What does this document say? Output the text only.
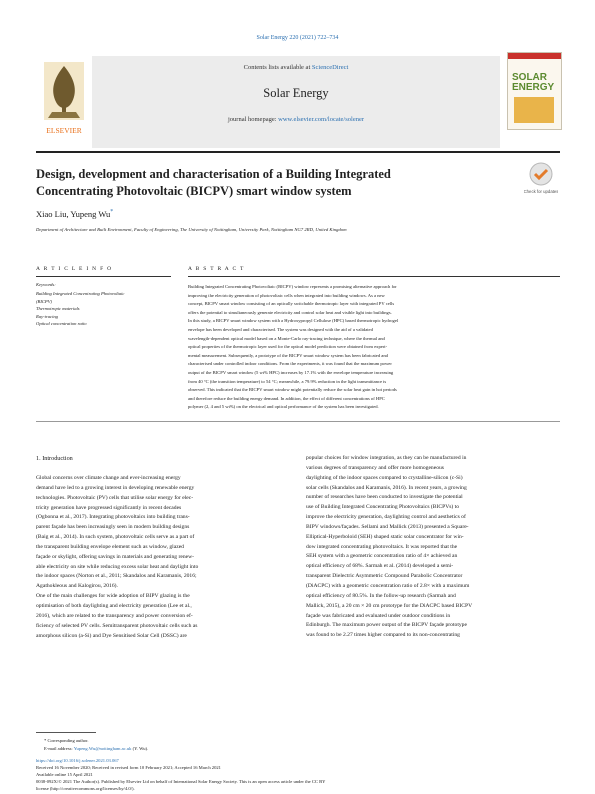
Solar Energy 220 (2021) 722–734
ELSEVIER
Contents lists available at ScienceDirect
Solar Energy
journal homepage: www.elsevier.com/locate/solener
SOLAR
ENERGY
Design, development and characterisation of a Building Integrated
Concentrating Photovoltaic (BICPV) smart window system	Check for updates
Xiao Liu, Yupeng Wu*
Department of Architecture and Built Environment, Faculty of Engineering, The University of Nottingham, University Park, Nottingham NG7 2RD, United Kingdom
A R T I C L E I N F O	A B S T R A C T
Keywords:
Building Integrated Concentrating Photovoltaic
(BICPV)
Thermotropic materials
Ray-tracing
Optical concentration ratio
Building Integrated Concentrating Photovoltaic (BICPV) window represents a promising alternative approach for
improving the electricity generation of photovoltaic cells when integrated into building windows. As a new
concept, BICPV smart window consisting of an optically switchable thermotropic layer with integrated PV cells
offers the potential to simultaneously generate electricity and control solar heat and visible light into buildings.
In this study, a BICPV smart window system with a Hydroxypropyl Cellulose (HPC) based thermotropic hydrogel
envelope has been developed and characterised. The system was designed with the aid of a validated
wavelength-dependent optical model based on a Monte-Carlo ray-tracing technique, where the thermal and
optical properties of the thermotropic layer used for the optical model prediction were obtained from experi-
mental measurement. Subsequently, a prototype of the BICPV smart window system has been fabricated and
characterised under controlled indoor conditions. From the experiments, it was found that the maximum power
output of the BICPV smart window (5 wt% HPC) increases by 17.1% with the envelope temperature increasing
from 40 °C (the transition temperature) to 54 °C; meanwhile, a 79.9% reduction in the light transmittance is
observed. This indicated that the BICPV smart window might potentially reduce the solar heat gain in hot periods
and therefore reduce the building energy demand. In addition, the effect of different concentrations of HPC
polymer (2, 4 and 5 wt%) on the electrical and optical performance of the system has been investigated.
1. Introduction
Global concerns over climate change and ever-increasing energy
demand have led to a growing interest in developing renewable energy
technologies. Photovoltaic (PV) cells that utilise solar energy for elec-
tricity generation have progressed significantly in recent decades
(Ogbonna et al., 2017). Integrating photovoltaics into building trans-
parent façade has been increasingly seen in modern building designs
(Baig et al., 2014). In such system, photovoltaic cells serve as a part of
the transparent building envelope element such as window, glazed
façade or skylight, offering savings in materials and generating renew-
able electricity on site while reducing excess solar heat and daylight into
the indoor spaces (Norton et al., 2011; Skandalos and Karamanis, 2016;
Agathokleous and Kalogirou, 2016).
One of the main challenges for wide adoption of BIPV glazing is the
optimisation of both daylighting and electricity generation (Lee et al.,
2016), which are related to the transparency and power conversion ef-
ficiency of selected PV cells. Semitransparent photovoltaic cells such as
amorphous silicon (a-Si) and Dye Sensitised Solar Cell (DSSC) are
popular choices for window integration, as they can be manufactured in
various degrees of transparency and offer more homogeneous
daylighting of the indoor spaces compared to crystalline-silicon (c-Si)
solar cells (Skandalos and Karamanis, 2016). In recent years, a growing
number of researches have been conducted to investigate the potential
use of Building Integrated Concentrating Photovoltaics (BICPVs) to
improve the electricity generation, daylighting control and aesthetics of
BIPV windows/façades. Sellami and Mallick (2013) presented a Square-
Elliptical-Hyperboloid (SEH) shaped static solar concentrator for win-
dow integrated concentrating photovoltaics. It was reported that the
SEH system with a geometric concentration ratio of 4× achieved an
optical efficiency of 68%. Sarmah et al. (2014) developed a semi-
transparent Dielectric Asymmetric Compound Parabolic Concentrator
(DiACPC) with a geometric concentration ratio of 2.8× with a maximum
optical efficiency of 80.5%. In the follow-up research (Sarmah and
Mallick, 2015), a 20 cm × 20 cm prototype for the DiACPC based BICPV
façade was fabricated and evaluated under outdoor conditions in
Edinburgh. The maximum power output of the BICPV façade prototype
was found to be 2.27 times higher compared to its non-concentrating
* Corresponding author.
E-mail address: Yupeng.Wu@nottingham.ac.uk (Y. Wu).
https://doi.org/10.1016/j.solener.2021.03.067
Received 16 November 2020; Received in revised form 10 February 2021; Accepted 16 March 2021
Available online 15 April 2021
0038-092X/© 2021 The Author(s). Published by Elsevier Ltd on behalf of International Solar Energy Society. This is an open access article under the CC BY
license (http://creativecommons.org/licenses/by/4.0/).
